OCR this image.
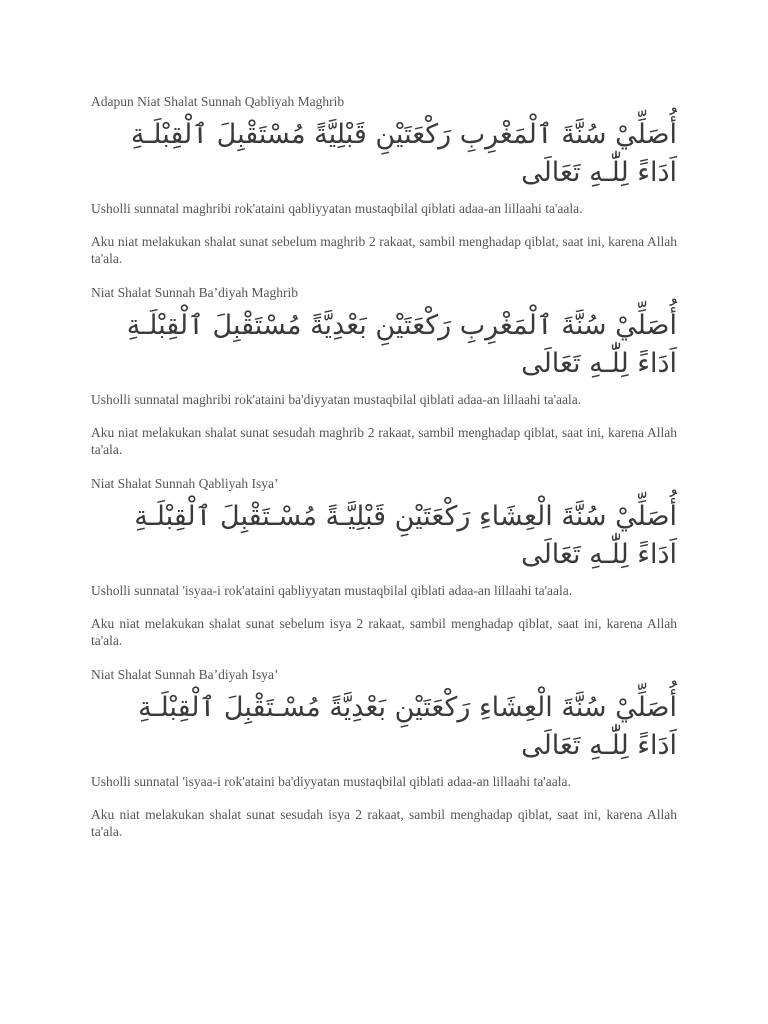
Adapun Niat Shalat Sunnah Qabliyah Maghrib

أُصَلِّيْ سُنَّةَ ٱلْمَغْرِبِ رَكْعَتَيْنِ قَبْلِيَّةً مُسْتَقْبِلَ ٱلْقِبْلَـةِ اَدَاءً لِلّٰـهِ تَعَالَى

Usholli sunnatal maghribi rok'ataini qabliyyatan mustaqbilal qiblati adaa-an lillaahi ta'aala.

Aku niat melakukan shalat sunat sebelum maghrib 2 rakaat, sambil menghadap qiblat, saat ini, karena Allah ta'ala.

Niat Shalat Sunnah Ba’diyah Maghrib

أُصَلِّيْ سُنَّةَ ٱلْمَغْرِبِ رَكْعَتَيْنِ بَعْدِيَّةً مُسْتَقْبِلَ ٱلْقِبْلَـةِ اَدَاءً لِلّٰـهِ تَعَالَى

Usholli sunnatal maghribi rok'ataini ba'diyyatan mustaqbilal qiblati adaa-an lillaahi ta'aala.

Aku niat melakukan shalat sunat sesudah maghrib 2 rakaat, sambil menghadap qiblat, saat ini, karena Allah ta'ala.

Niat Shalat Sunnah Qabliyah Isya’

أُصَلِّيْ سُنَّةَ الْعِشَاءِ رَكْعَتَيْنِ قَبْلِيَّـةً مُسْـتَقْبِلَ ٱلْقِبْلَـةِ اَدَاءً لِلّٰـهِ تَعَالَى

Usholli sunnatal 'isyaa-i rok'ataini qabliyyatan mustaqbilal qiblati adaa-an lillaahi ta'aala.

Aku niat melakukan shalat sunat sebelum isya 2 rakaat, sambil menghadap qiblat, saat ini, karena Allah ta'ala.

Niat Shalat Sunnah Ba’diyah Isya’

أُصَلِّيْ سُنَّةَ الْعِشَاءِ رَكْعَتَيْنِ بَعْدِيَّةً مُسْـتَقْبِلَ ٱلْقِبْلَـةِ اَدَاءً لِلّٰـهِ تَعَالَى

Usholli sunnatal 'isyaa-i rok'ataini ba'diyyatan mustaqbilal qiblati adaa-an lillaahi ta'aala.

Aku niat melakukan shalat sunat sesudah isya 2 rakaat, sambil menghadap qiblat, saat ini, karena Allah ta'ala.
